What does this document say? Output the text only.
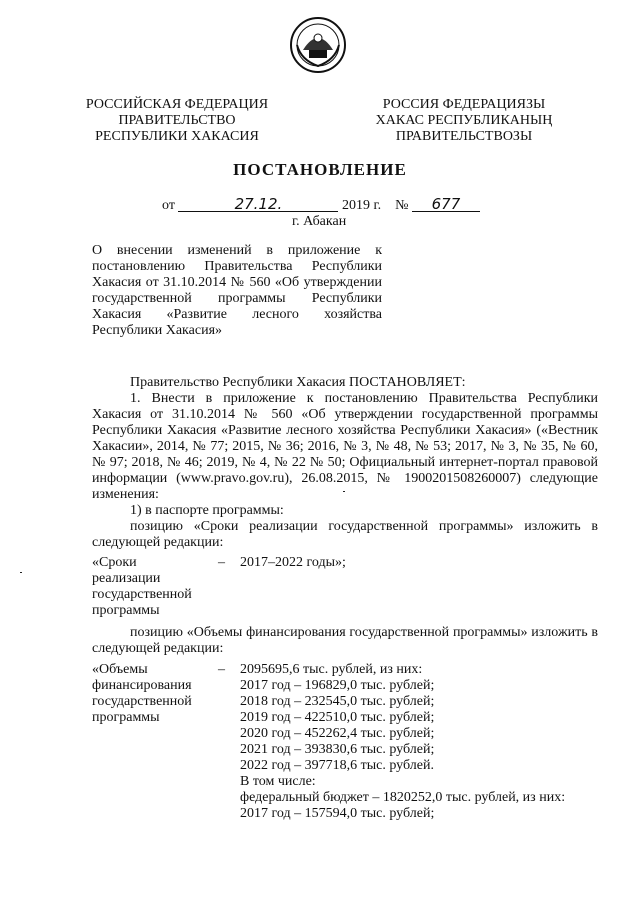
РОССИЙСКАЯ ФЕДЕРАЦИЯ
ПРАВИТЕЛЬСТВО
РЕСПУБЛИКИ ХАКАСИЯ
РОССИЯ ФЕДЕРАЦИЯЗЫ
ХАКАС РЕСПУБЛИКАНЫҢ
ПРАВИТЕЛЬСТВОЗЫ
ПОСТАНОВЛЕНИЕ
от	27.12.	2019 г. № 677
г. Абакан
О внесении изменений в приложение к постановлению Правительства Республики Хакасия от 31.10.2014 № 560 «Об утверждении государственной программы Республики Хакасия «Развитие лесного хозяйства Республики Хакасия»
Правительство Республики Хакасия ПОСТАНОВЛЯЕТ:
1. Внести в приложение к постановлению Правительства Республики Хакасия от 31.10.2014 № 560 «Об утверждении государственной программы Республики Хакасия «Развитие лесного хозяйства Республики Хакасия» («Вестник Хакасии», 2014, № 77; 2015, № 36; 2016, № 3, № 48, № 53; 2017, № 3, № 35, № 60, № 97; 2018, № 46; 2019, № 4, № 22 № 50; Официальный интернет-портал правовой информации (www.pravo.gov.ru), 26.08.2015, № 1900201508260007) следующие изменения:
1) в паспорте программы:
позицию «Сроки реализации государственной программы» изложить в следующей редакции:
«Сроки
реализации
государственной
программы
– 2017–2022 годы»;
позицию «Объемы финансирования государственной программы» изложить в следующей редакции:
«Объемы
финансирования
государственной
программы
– 2095695,6 тыс. рублей, из них:
2017 год – 196829,0 тыс. рублей;
2018 год – 232545,0 тыс. рублей;
2019 год – 422510,0 тыс. рублей;
2020 год – 452262,4 тыс. рублей;
2021 год – 393830,6 тыс. рублей;
2022 год – 397718,6 тыс. рублей.
В том числе:
федеральный бюджет – 1820252,0 тыс. рублей, из них:
2017 год – 157594,0 тыс. рублей;
